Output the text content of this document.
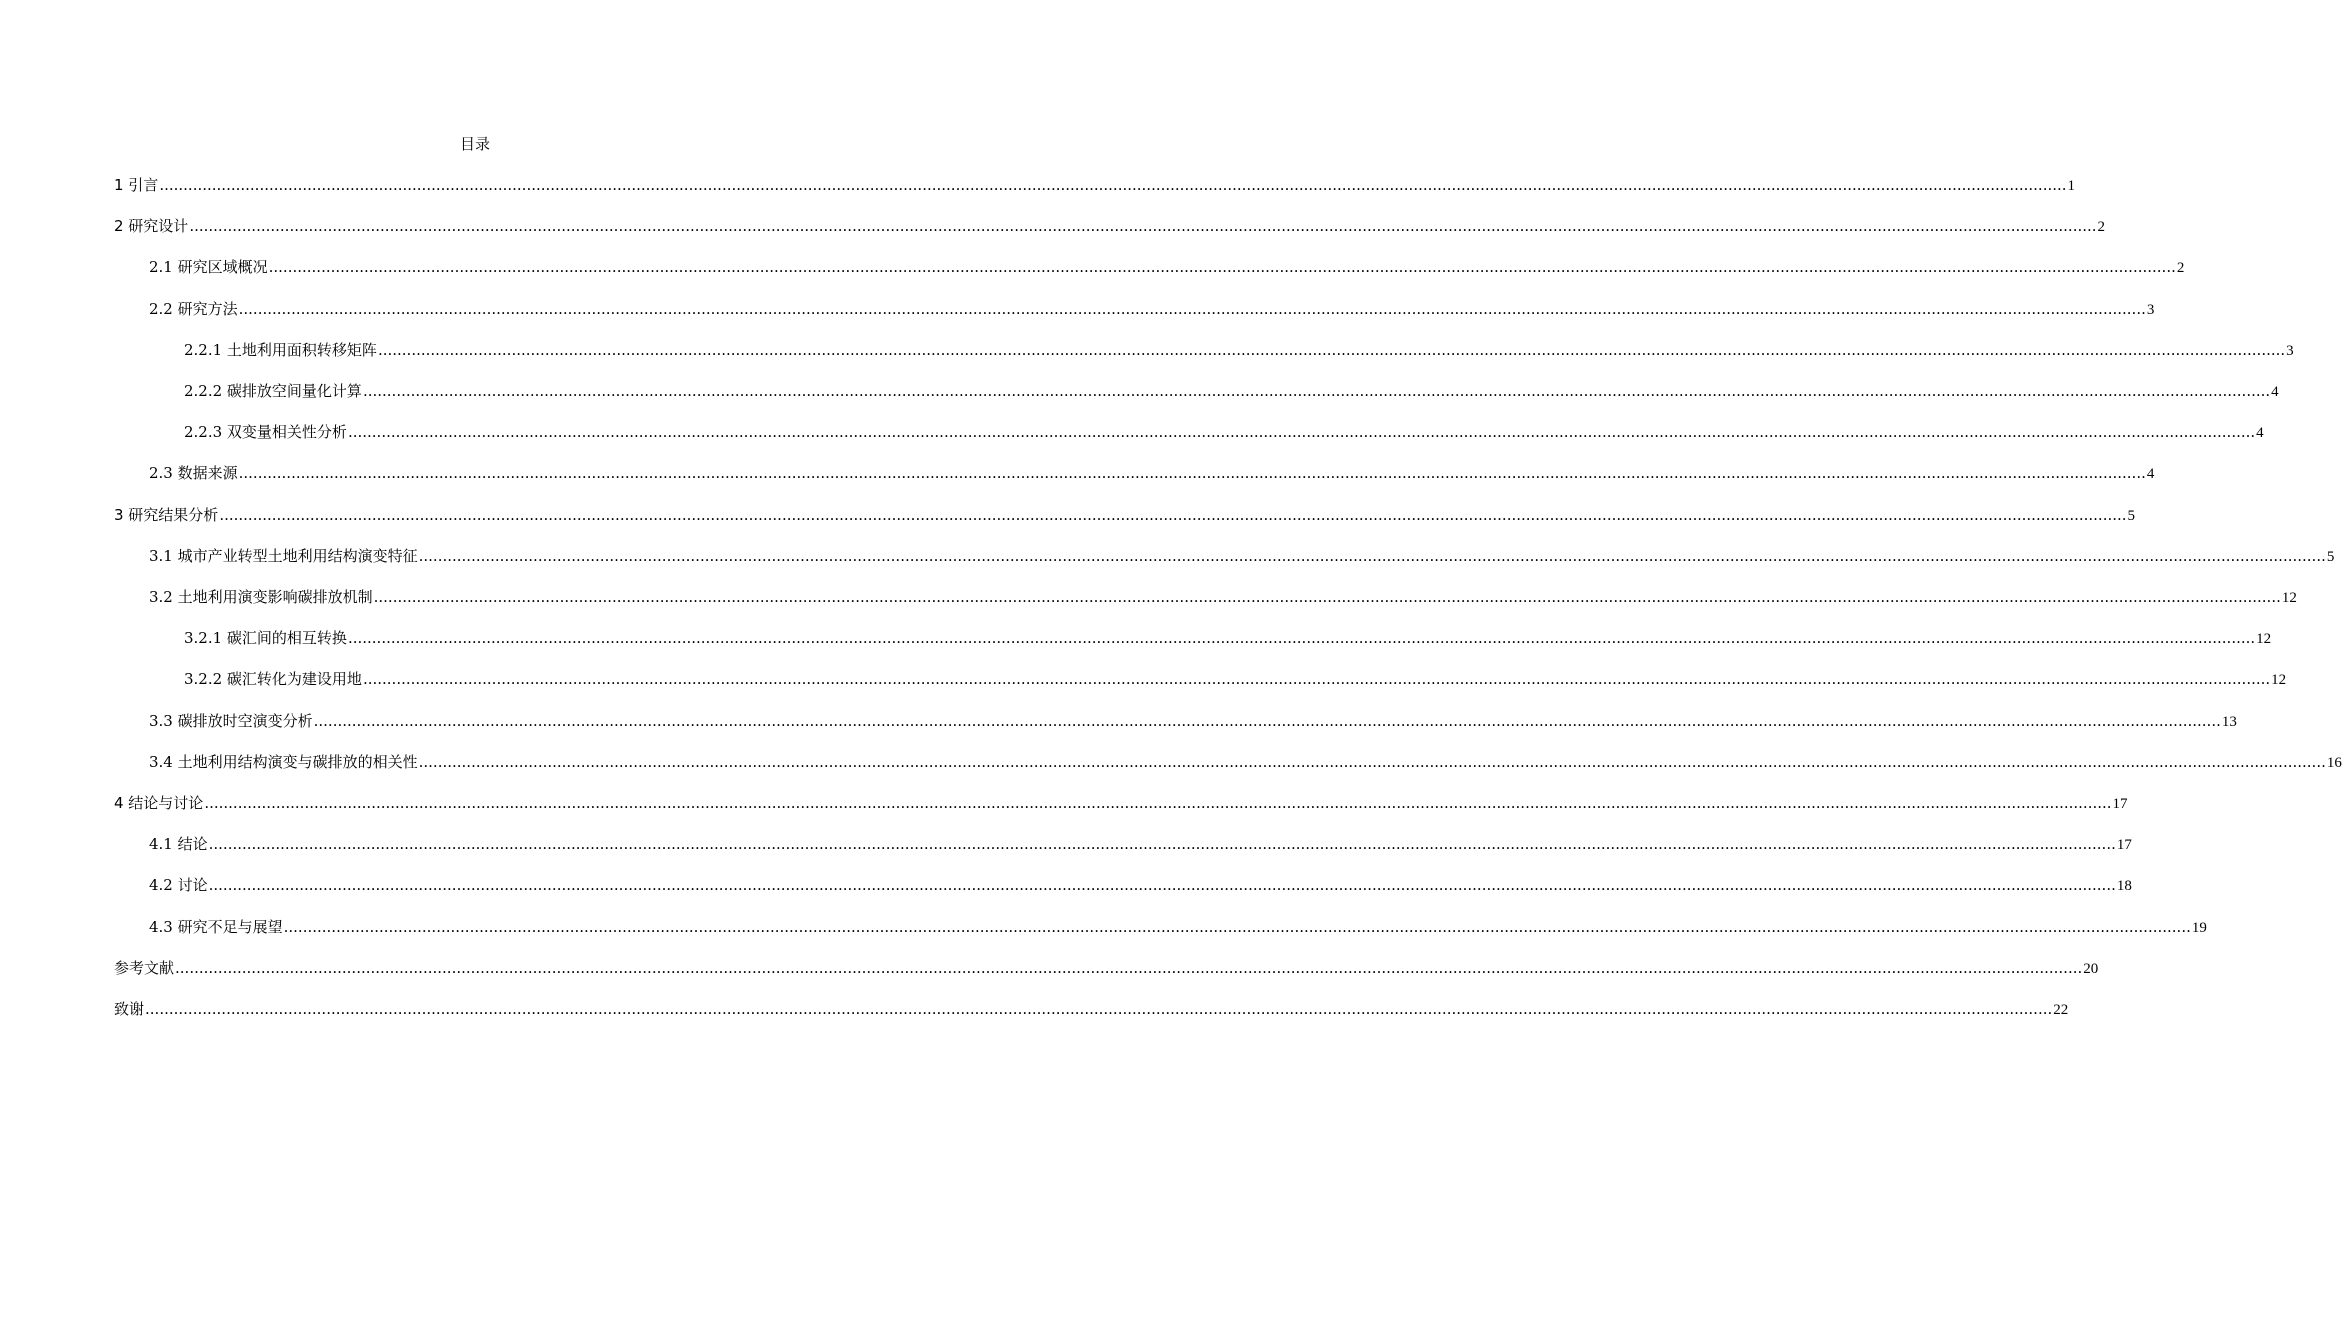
目录
1 引言 ................................................................................................................................................................................................................................................................................................................................................................................................................ 1
2 研究设计 ................................................................................................................................................................................................................................................................................................................................................................................................................ 2
2.1 研究区域概况 ................................................................................................................................................................................................................................................................................................................................................................................................................ 2
2.2 研究方法 ................................................................................................................................................................................................................................................................................................................................................................................................................ 3
2.2.1 土地利用面积转移矩阵 ................................................................................................................................................................................................................................................................................................................................................................................................................ 3
2.2.2 碳排放空间量化计算 ................................................................................................................................................................................................................................................................................................................................................................................................................ 4
2.2.3 双变量相关性分析 ................................................................................................................................................................................................................................................................................................................................................................................................................ 4
2.3 数据来源 ................................................................................................................................................................................................................................................................................................................................................................................................................ 4
3 研究结果分析 ................................................................................................................................................................................................................................................................................................................................................................................................................ 5
3.1 城市产业转型土地利用结构演变特征 ................................................................................................................................................................................................................................................................................................................................................................................................................ 5
3.2 土地利用演变影响碳排放机制 ................................................................................................................................................................................................................................................................................................................................................................................................................ 12
3.2.1 碳汇间的相互转换 ................................................................................................................................................................................................................................................................................................................................................................................................................ 12
3.2.2 碳汇转化为建设用地 ................................................................................................................................................................................................................................................................................................................................................................................................................ 12
3.3 碳排放时空演变分析 ................................................................................................................................................................................................................................................................................................................................................................................................................ 13
3.4 土地利用结构演变与碳排放的相关性 ................................................................................................................................................................................................................................................................................................................................................................................................................ 16
4 结论与讨论 ................................................................................................................................................................................................................................................................................................................................................................................................................ 17
4.1 结论 ................................................................................................................................................................................................................................................................................................................................................................................................................ 17
4.2 讨论 ................................................................................................................................................................................................................................................................................................................................................................................................................ 18
4.3 研究不足与展望 ................................................................................................................................................................................................................................................................................................................................................................................................................ 19
参考文献 ................................................................................................................................................................................................................................................................................................................................................................................................................ 20
致谢 ................................................................................................................................................................................................................................................................................................................................................................................................................ 22
